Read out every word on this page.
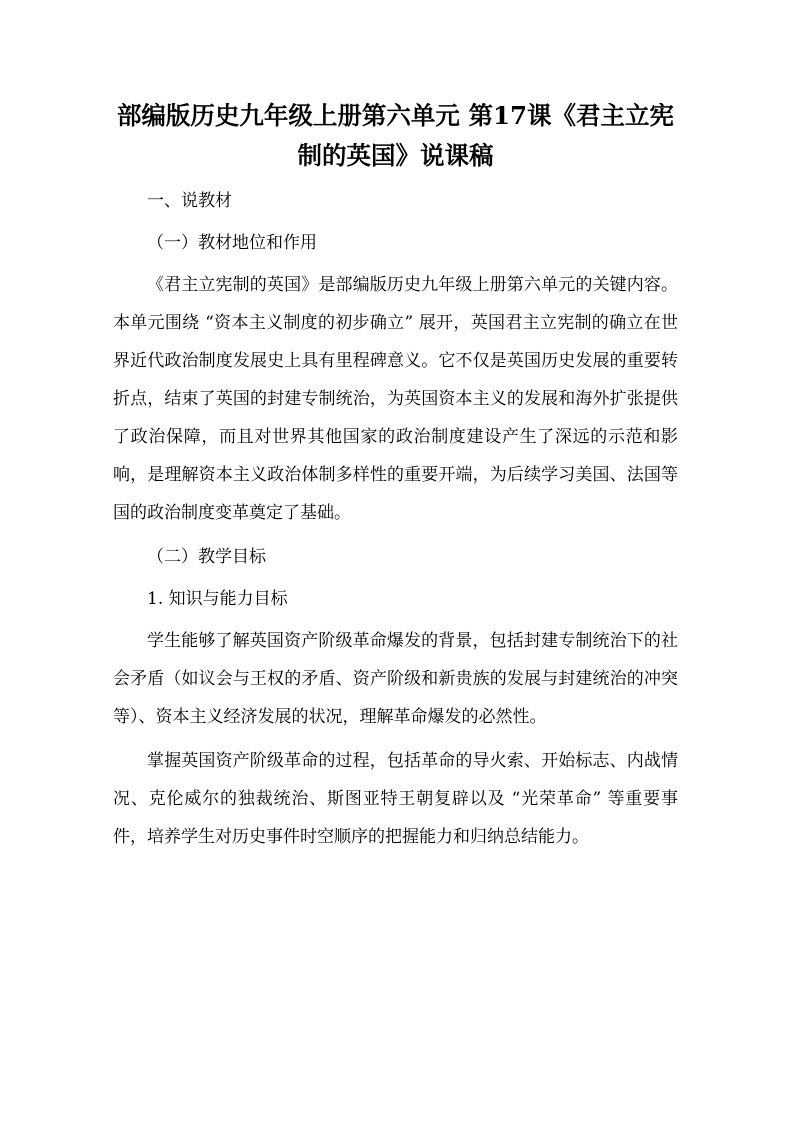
部编版历史九年级上册第六单元 第17课《君主立宪
制的英国》说课稿
一、说教材
（一）教材地位和作用

《君主立宪制的英国》是部编版历史九年级上册第六单元的关键内容。本单元围绕 “资本主义制度的初步确立” 展开，英国君主立宪制的确立在世界近代政治制度发展史上具有里程碑意义。它不仅是英国历史发展的重要转折点，结束了英国的封建专制统治，为英国资本主义的发展和海外扩张提供了政治保障，而且对世界其他国家的政治制度建设产生了深远的示范和影响，是理解资本主义政治体制多样性的重要开端，为后续学习美国、法国等国的政治制度变革奠定了基础。

（二）教学目标
1. 知识与能力目标

学生能够了解英国资产阶级革命爆发的背景，包括封建专制统治下的社会矛盾（如议会与王权的矛盾、资产阶级和新贵族的发展与封建统治的冲突等）、资本主义经济发展的状况，理解革命爆发的必然性。

掌握英国资产阶级革命的过程，包括革命的导火索、开始标志、内战情况、克伦威尔的独裁统治、斯图亚特王朝复辟以及 “光荣革命” 等重要事件，培养学生对历史事件时空顺序的把握能力和归纳总结能力。
